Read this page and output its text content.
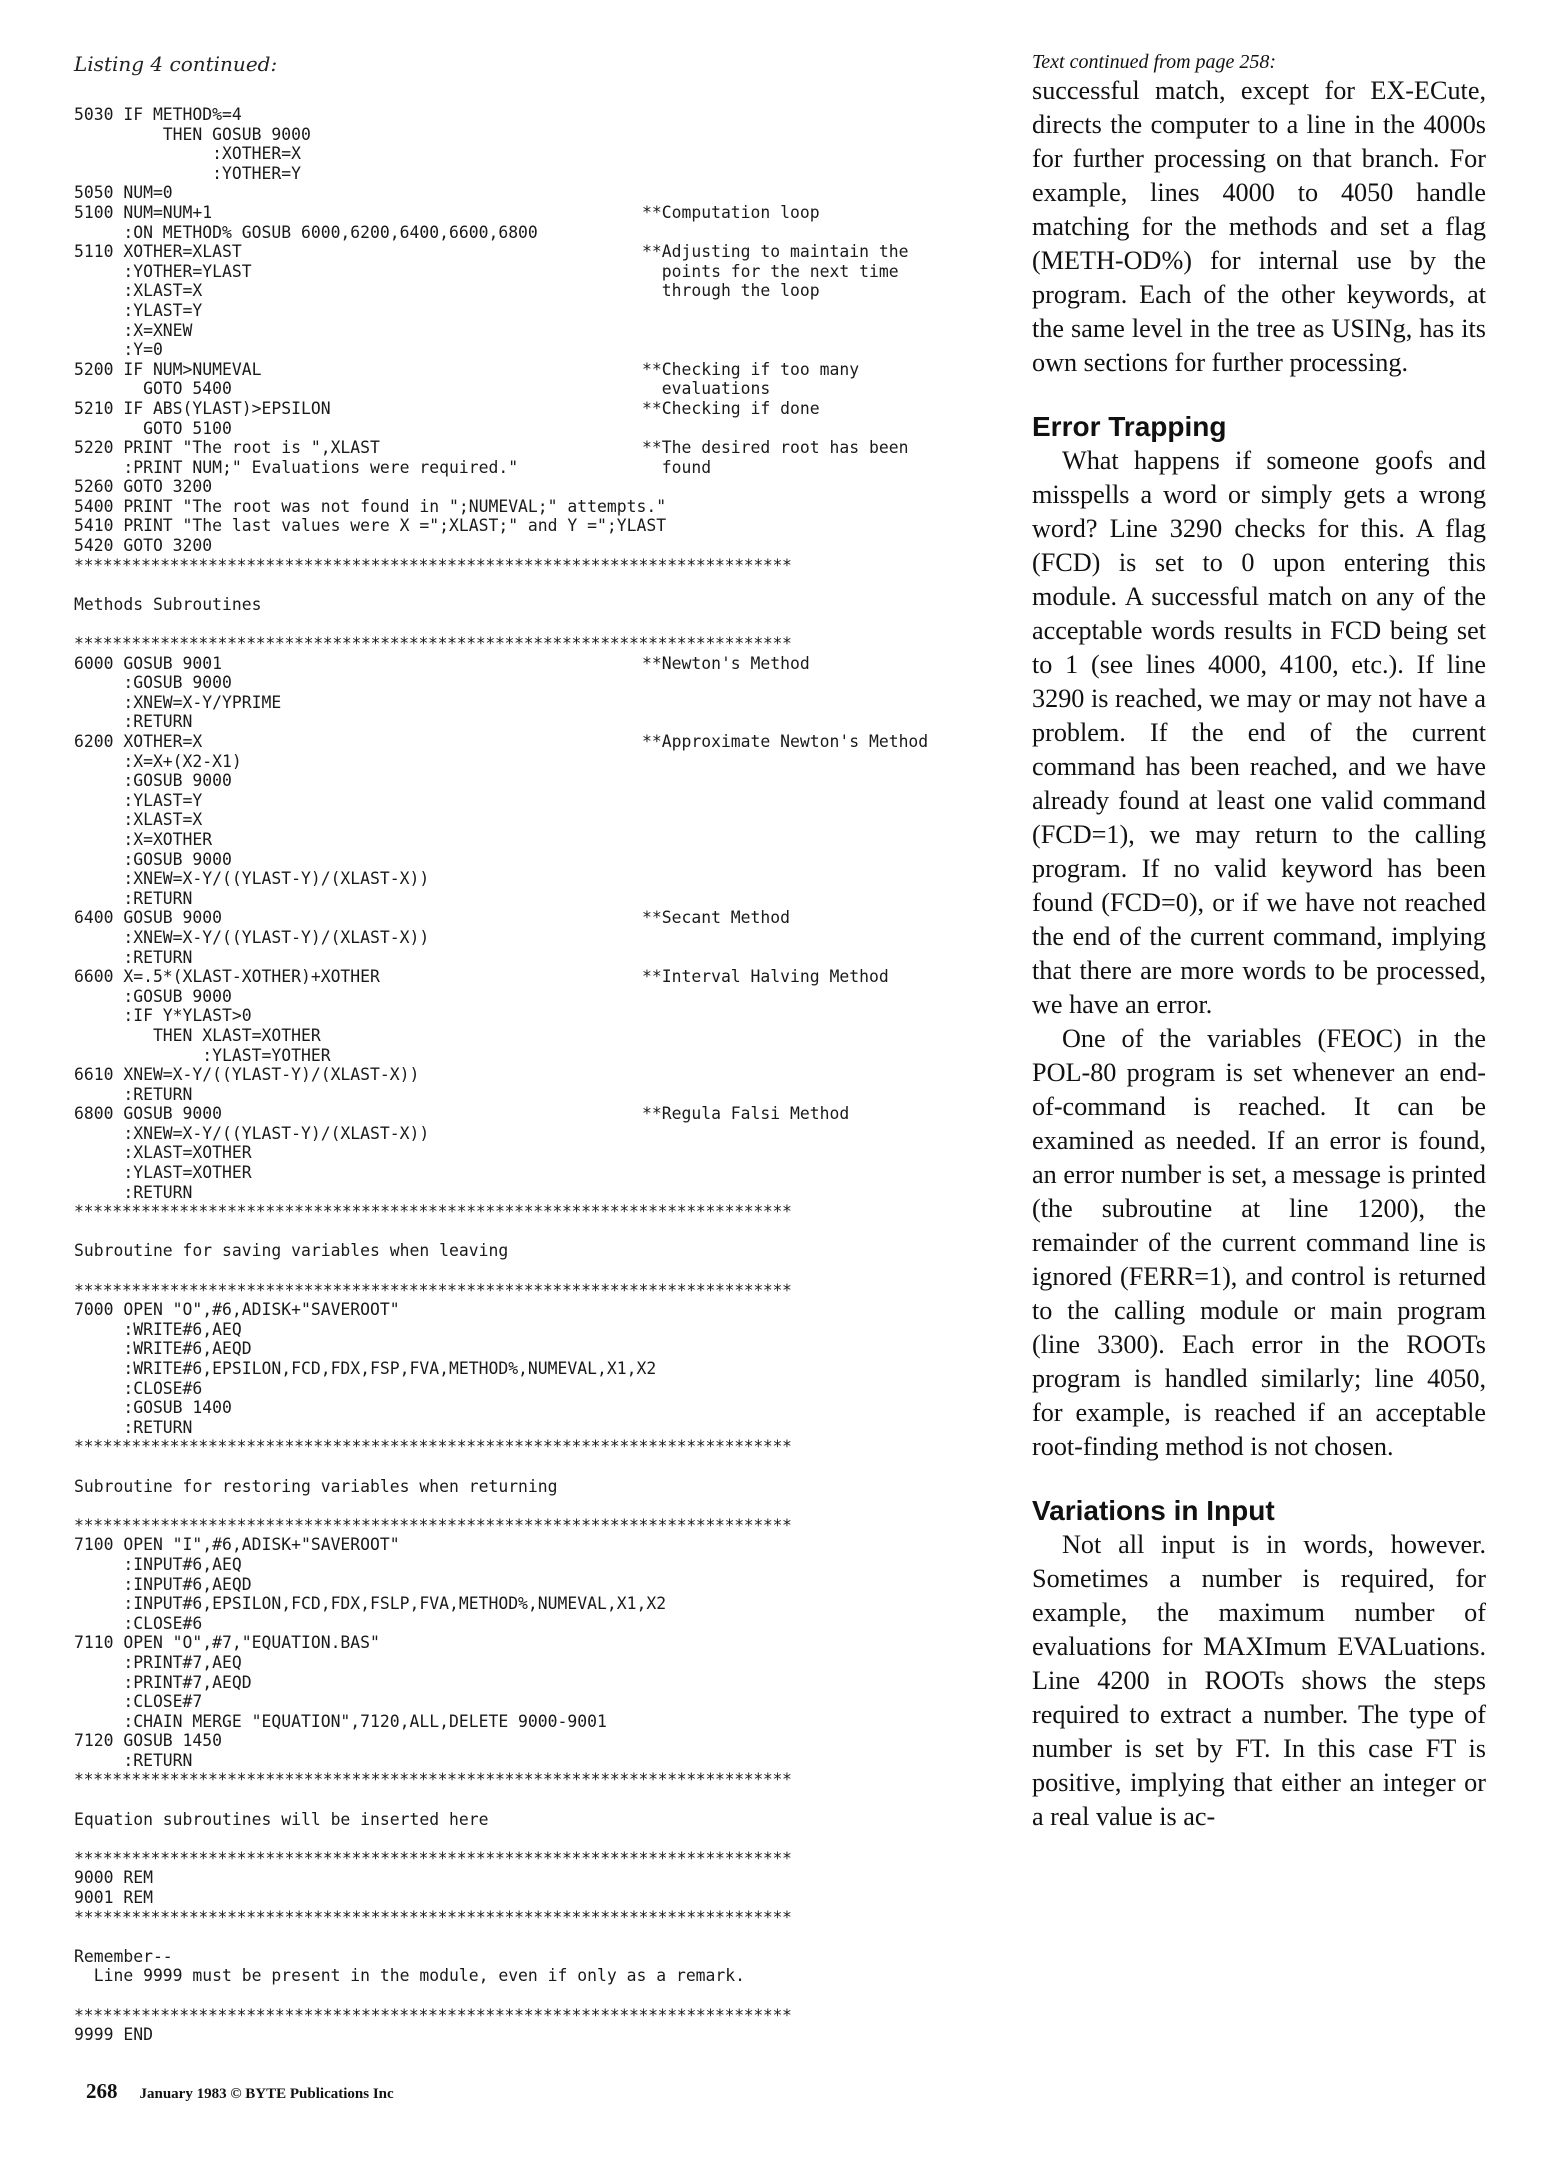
Listing 4 continued:
5030 IF METHOD%=4
THEN GOSUB 9000
:XOTHER=X
:YOTHER=Y
5050 NUM=0
5100 NUM=NUM+1	**Computation loop
:ON METHOD% GOSUB 6000,6200,6400,6600,6800
5110 XOTHER=XLAST	**Adjusting to maintain the
:YOTHER=YLAST	points for the next time
:XLAST=X	through the loop
:YLAST=Y
:X=XNEW
:Y=0
5200 IF NUM>NUMEVAL	**Checking if too many
GOTO 5400	evaluations
5210 IF ABS(YLAST)>EPSILON	**Checking if done
GOTO 5100
5220 PRINT "The root is ",XLAST	**The desired root has been
:PRINT NUM;" Evaluations were required."	found
5260 GOTO 3200
5400 PRINT "The root was not found in ";NUMEVAL;" attempts."
5410 PRINT "The last values were X =";XLAST;" and Y =";YLAST
5420 GOTO 3200
***************************************************************************
Methods Subroutines
***************************************************************************
6000 GOSUB 9001	**Newton's Method
:GOSUB 9000
:XNEW=X-Y/YPRIME
:RETURN
6200 XOTHER=X	**Approximate Newton's Method
:X=X+(X2-X1)
:GOSUB 9000
:YLAST=Y
:XLAST=X
:X=XOTHER
:GOSUB 9000
:XNEW=X-Y/((YLAST-Y)/(XLAST-X))
:RETURN
6400 GOSUB 9000	**Secant Method
:XNEW=X-Y/((YLAST-Y)/(XLAST-X))
:RETURN
6600 X=.5*(XLAST-XOTHER)+XOTHER	**Interval Halving Method
:GOSUB 9000
:IF Y*YLAST>0
THEN XLAST=XOTHER
:YLAST=YOTHER
6610 XNEW=X-Y/((YLAST-Y)/(XLAST-X))
:RETURN
6800 GOSUB 9000	**Regula Falsi Method
:XNEW=X-Y/((YLAST-Y)/(XLAST-X))
:XLAST=XOTHER
:YLAST=XOTHER
:RETURN
***************************************************************************
Subroutine for saving variables when leaving
***************************************************************************
7000 OPEN "O",#6,ADISK+"SAVEROOT"
:WRITE#6,AEQ
:WRITE#6,AEQD
:WRITE#6,EPSILON,FCD,FDX,FSP,FVA,METHOD%,NUMEVAL,X1,X2
:CLOSE#6
:GOSUB 1400
:RETURN
***************************************************************************
Subroutine for restoring variables when returning
***************************************************************************
7100 OPEN "I",#6,ADISK+"SAVEROOT"
:INPUT#6,AEQ
:INPUT#6,AEQD
:INPUT#6,EPSILON,FCD,FDX,FSLP,FVA,METHOD%,NUMEVAL,X1,X2
:CLOSE#6
7110 OPEN "O",#7,"EQUATION.BAS"
:PRINT#7,AEQ
:PRINT#7,AEQD
:CLOSE#7
:CHAIN MERGE "EQUATION",7120,ALL,DELETE 9000-9001
7120 GOSUB 1450
:RETURN
***************************************************************************
Equation subroutines will be inserted here
***************************************************************************
9000 REM
9001 REM
***************************************************************************
Remember--
Line 9999 must be present in the module, even if only as a remark.
***************************************************************************
9999 END
268 January 1983 © BYTE Publications Inc

Text continued from page 258:

successful match, except for EX-ECute, directs the computer to a line in the 4000s for further processing on that branch. For example, lines 4000 to 4050 handle matching for the methods and set a flag (METH-OD%) for internal use by the program. Each of the other keywords, at the same level in the tree as USINg, has its own sections for further processing.

Error Trapping

What happens if someone goofs and misspells a word or simply gets a wrong word? Line 3290 checks for this. A flag (FCD) is set to 0 upon entering this module. A successful match on any of the acceptable words results in FCD being set to 1 (see lines 4000, 4100, etc.). If line 3290 is reached, we may or may not have a problem. If the end of the current command has been reached, and we have already found at least one valid command (FCD=1), we may return to the calling program. If no valid keyword has been found (FCD=0), or if we have not reached the end of the current command, implying that there are more words to be processed, we have an error.

One of the variables (FEOC) in the POL-80 program is set whenever an end-of-command is reached. It can be examined as needed. If an error is found, an error number is set, a message is printed (the subroutine at line 1200), the remainder of the current command line is ignored (FERR=1), and control is returned to the calling module or main program (line 3300). Each error in the ROOTs program is handled similarly; line 4050, for example, is reached if an acceptable root-finding method is not chosen.

Variations in Input

Not all input is in words, however. Sometimes a number is required, for example, the maximum number of evaluations for MAXImum EVALuations. Line 4200 in ROOTs shows the steps required to extract a number. The type of number is set by FT. In this case FT is positive, implying that either an integer or a real value is ac-
